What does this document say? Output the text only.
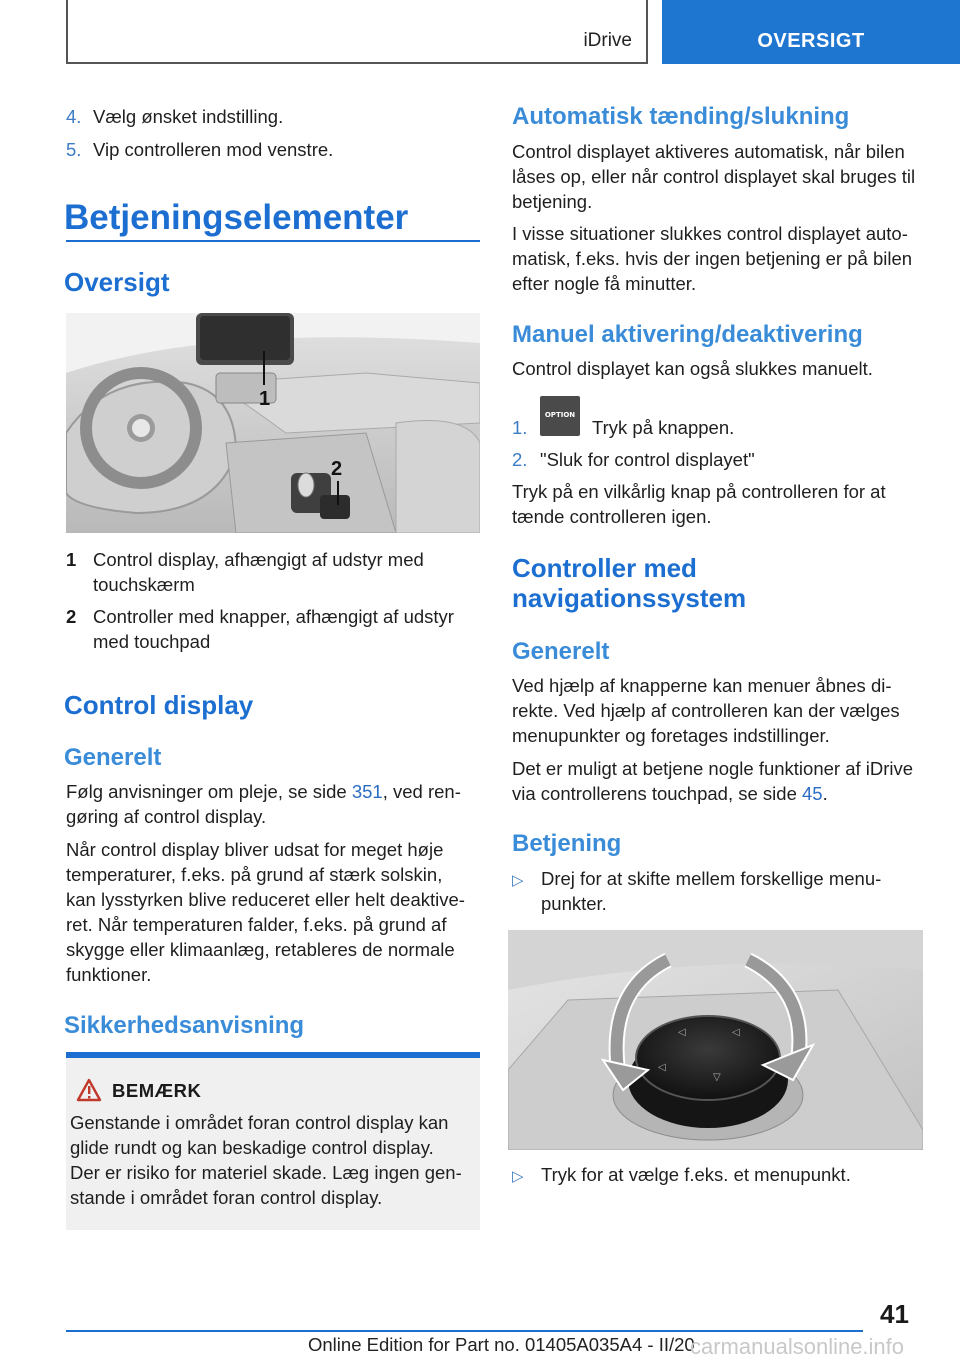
iDrive	OVERSIGT
4. Vælg ønsket indstilling.
5. Vip controlleren mod venstre.
Betjeningselementer
Oversigt
1
2
1 Control display, afhængigt af udstyr med
touchskærm
2 Controller med knapper, afhængigt af udstyr
med touchpad
Control display
Generelt
Følg anvisninger om pleje, se side 351, ved ren-
gøring af control display.
Når control display bliver udsat for meget høje
temperaturer, f.eks. på grund af stærk solskin,
kan lysstyrken blive reduceret eller helt deaktive-
ret. Når temperaturen falder, f.eks. på grund af
skygge eller klimaanlæg, retableres de normale
funktioner.
Sikkerhedsanvisning
BEMÆRK
Genstande i området foran control display kan
glide rundt og kan beskadige control display.
Der er risiko for materiel skade. Læg ingen gen-
stande i området foran control display.
Automatisk tænding/slukning
Control displayet aktiveres automatisk, når bilen
låses op, eller når control displayet skal bruges til
betjening.
I visse situationer slukkes control displayet auto-
matisk, f.eks. hvis der ingen betjening er på bilen
efter nogle få minutter.
Manuel aktivering/deaktivering
Control displayet kan også slukkes manuelt.
1.
OPTION
Tryk på knappen.
2. "Sluk for control displayet"
Tryk på en vilkårlig knap på controlleren for at
tænde controlleren igen.
Controller med
navigationssystem
Generelt
Ved hjælp af knapperne kan menuer åbnes di-
rekte. Ved hjælp af controlleren kan der vælges
menupunkter og foretages indstillinger.
Det er muligt at betjene nogle funktioner af iDrive
via controllerens touchpad, se side 45.
Betjening
▷ Drej for at skifte mellem forskellige menu-
punkter.
◁	◁
◁
▽
▷ Tryk for at vælge f.eks. et menupunkt.
41
Online Edition for Part no. 01405A035A4 - II/20
carmanualsonline.info
